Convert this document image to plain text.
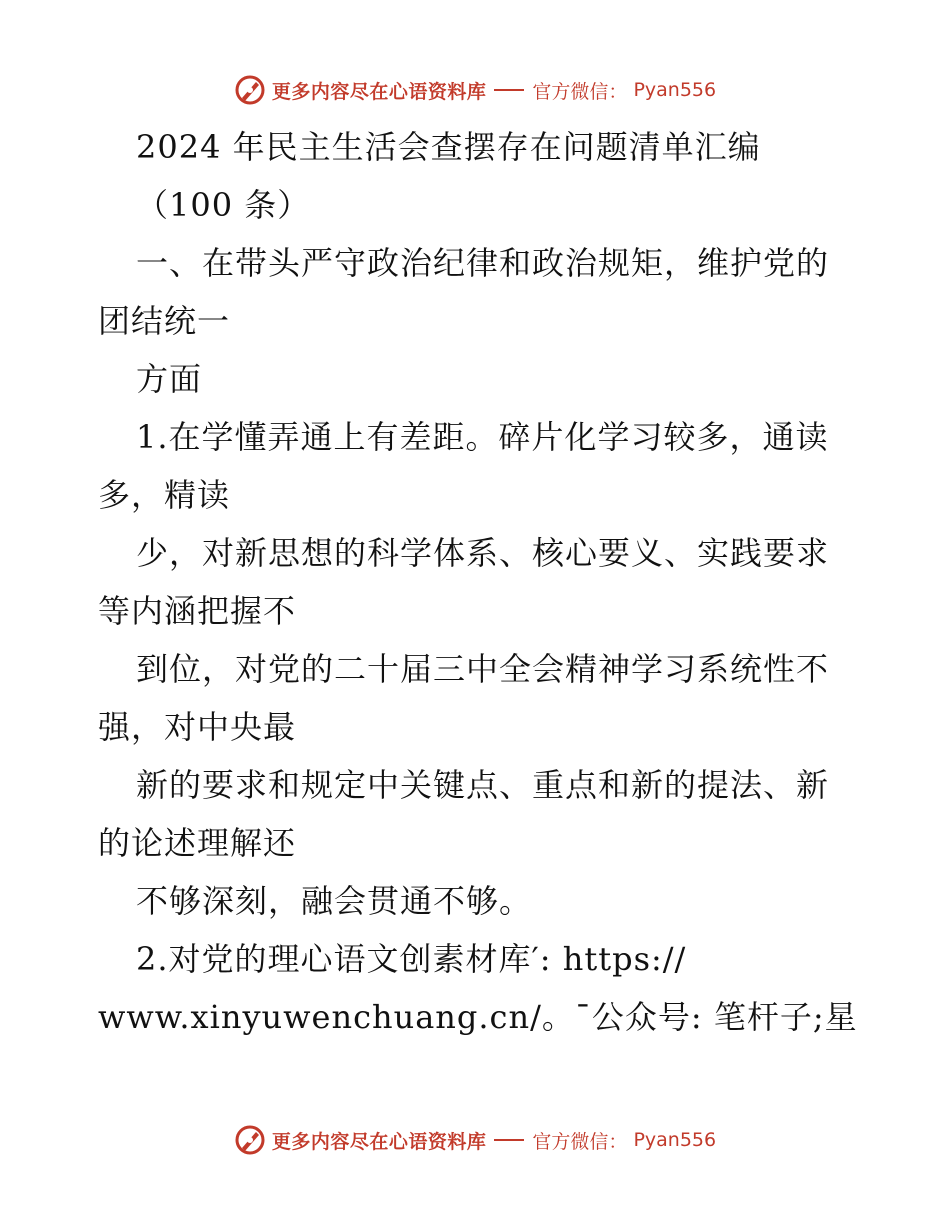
更多内容尽在心语资料库 官方微信： Pyan556
2024 年民主生活会查摆存在问题清单汇编
（100 条）
一、在带头严守政治纪律和政治规矩，维护党的
团结统一
方面
1.在学懂弄通上有差距。碎片化学习较多，通读
多，精读
少，对新思想的科学体系、核心要义、实践要求
等内涵把握不
到位，对党的二十届三中全会精神学习系统性不
强，对中央最
新的要求和规定中关键点、重点和新的提法、新
的论述理解还
不够深刻，融会贯通不够。
2.对党的理心语文创素材库′: https://
www.xinyuwenchuang.cn/。¯公众号: 笔杆子;星
更多内容尽在心语资料库 官方微信： Pyan556
